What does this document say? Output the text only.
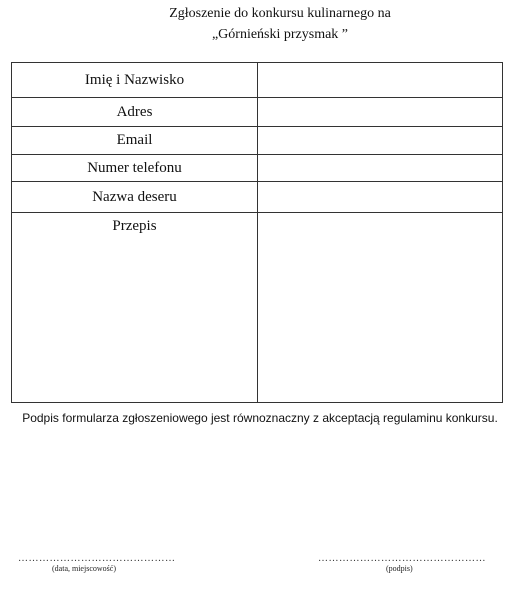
Zgłoszenie do konkursu kulinarnego na
„Górnieński przysmak ”
Imię i Nazwisko	

Adres	

Email	

Numer telefonu	

Nazwa deseru	

Przepis	

Podpis formularza zgłoszeniowego jest równoznaczny z akceptacją regulaminu konkursu.
………………………………………
(data, miejscowość)
…………………………………………
(podpis)
